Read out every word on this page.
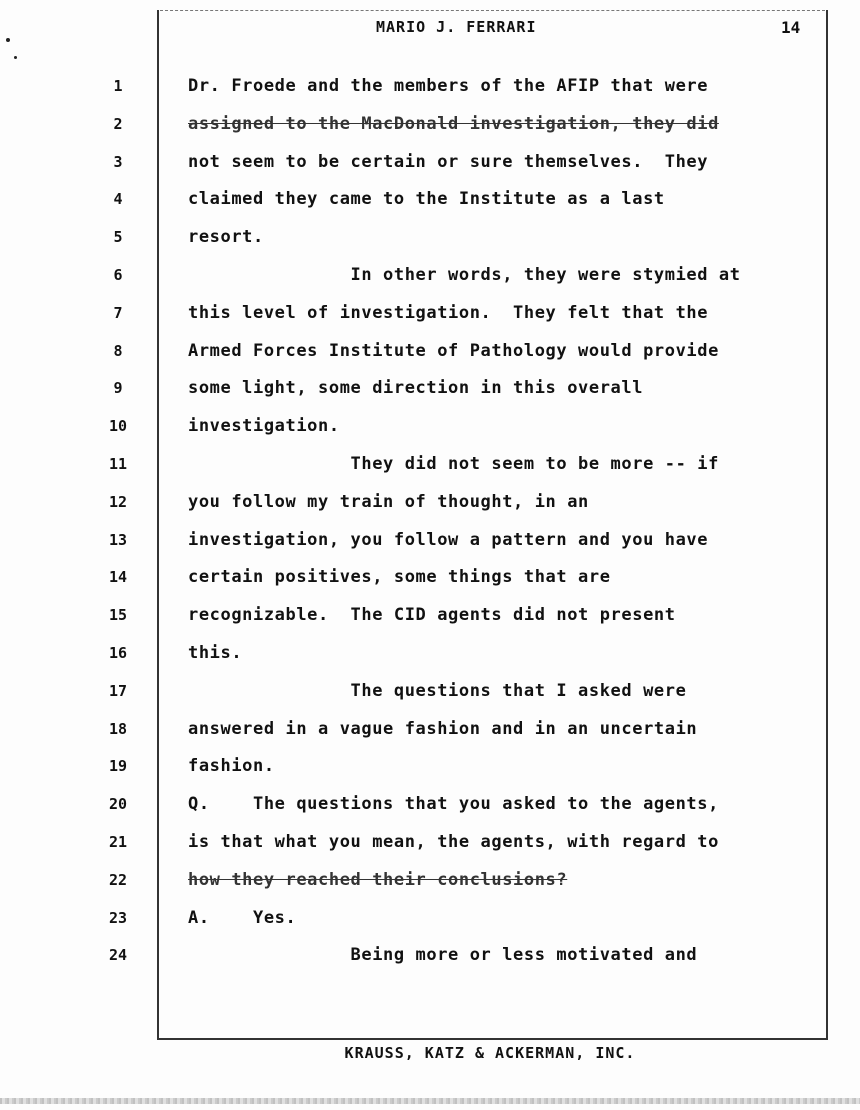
MARIO J. FERRARI	14
1	Dr. Froede and the members of the AFIP that were
2	assigned to the MacDonald investigation, they did
3	not seem to be certain or sure themselves.  They
4	claimed they came to the Institute as a last
5	resort.
6	In other words, they were stymied at
7	this level of investigation.  They felt that the
8	Armed Forces Institute of Pathology would provide
9	some light, some direction in this overall
10	investigation.
11	They did not seem to be more -- if
12	you follow my train of thought, in an
13	investigation, you follow a pattern and you have
14	certain positives, some things that are
15	recognizable.  The CID agents did not present
16	this.
17	The questions that I asked were
18	answered in a vague fashion and in an uncertain
19	fashion.
20	Q.    The questions that you asked to the agents,
21	is that what you mean, the agents, with regard to
22	how they reached their conclusions?
23	A.    Yes.
24	Being more or less motivated and
KRAUSS, KATZ & ACKERMAN, INC.
